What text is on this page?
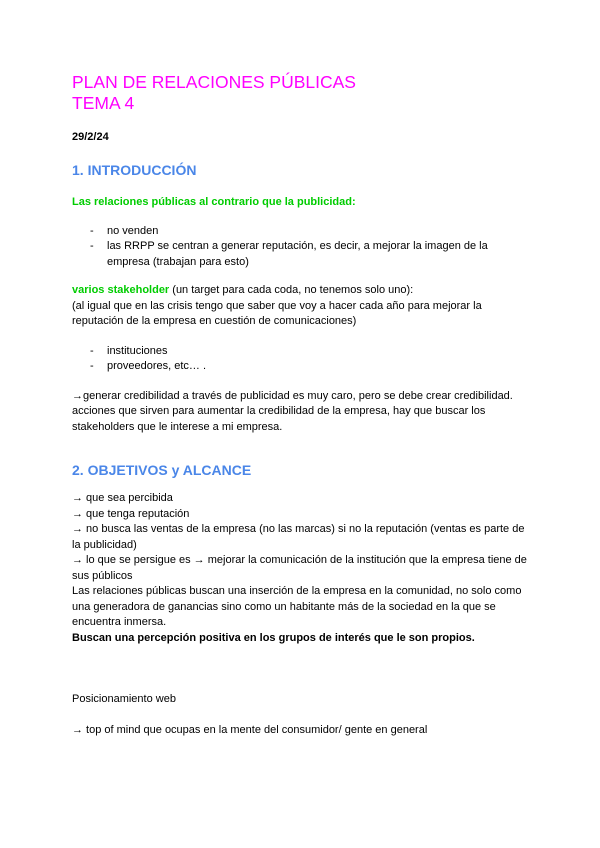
PLAN DE RELACIONES PÚBLICAS
TEMA 4
29/2/24
1. INTRODUCCIÓN

Las relaciones públicas al contrario que la publicidad:

- no venden
- las RRPP se centran a generar reputación, es decir, a mejorar la imagen de la empresa (trabajan para esto)

varios stakeholder (un target para cada coda, no tenemos solo uno):

(al igual que en las crisis tengo que saber que voy a hacer cada año para mejorar la reputación de la empresa en cuestión de comunicaciones)

- instituciones
- proveedores, etc… .

→generar credibilidad a través de publicidad es muy caro, pero se debe crear credibilidad. acciones que sirven para aumentar la credibilidad de la empresa, hay que buscar los stakeholders que le interese a mi empresa.

2. OBJETIVOS y ALCANCE

→ que sea percibida

→ que tenga reputación

→ no busca las ventas de la empresa (no las marcas) si no la reputación (ventas es parte de la publicidad)

→ lo que se persigue es → mejorar la comunicación de la institución que la empresa tiene de sus públicos

Las relaciones públicas buscan una inserción de la empresa en la comunidad, no solo como una generadora de ganancias sino como un habitante más de la sociedad en la que se encuentra inmersa.

Buscan una percepción positiva en los grupos de interés que le son propios.

Posicionamiento web

→ top of mind que ocupas en la mente del consumidor/ gente en general
